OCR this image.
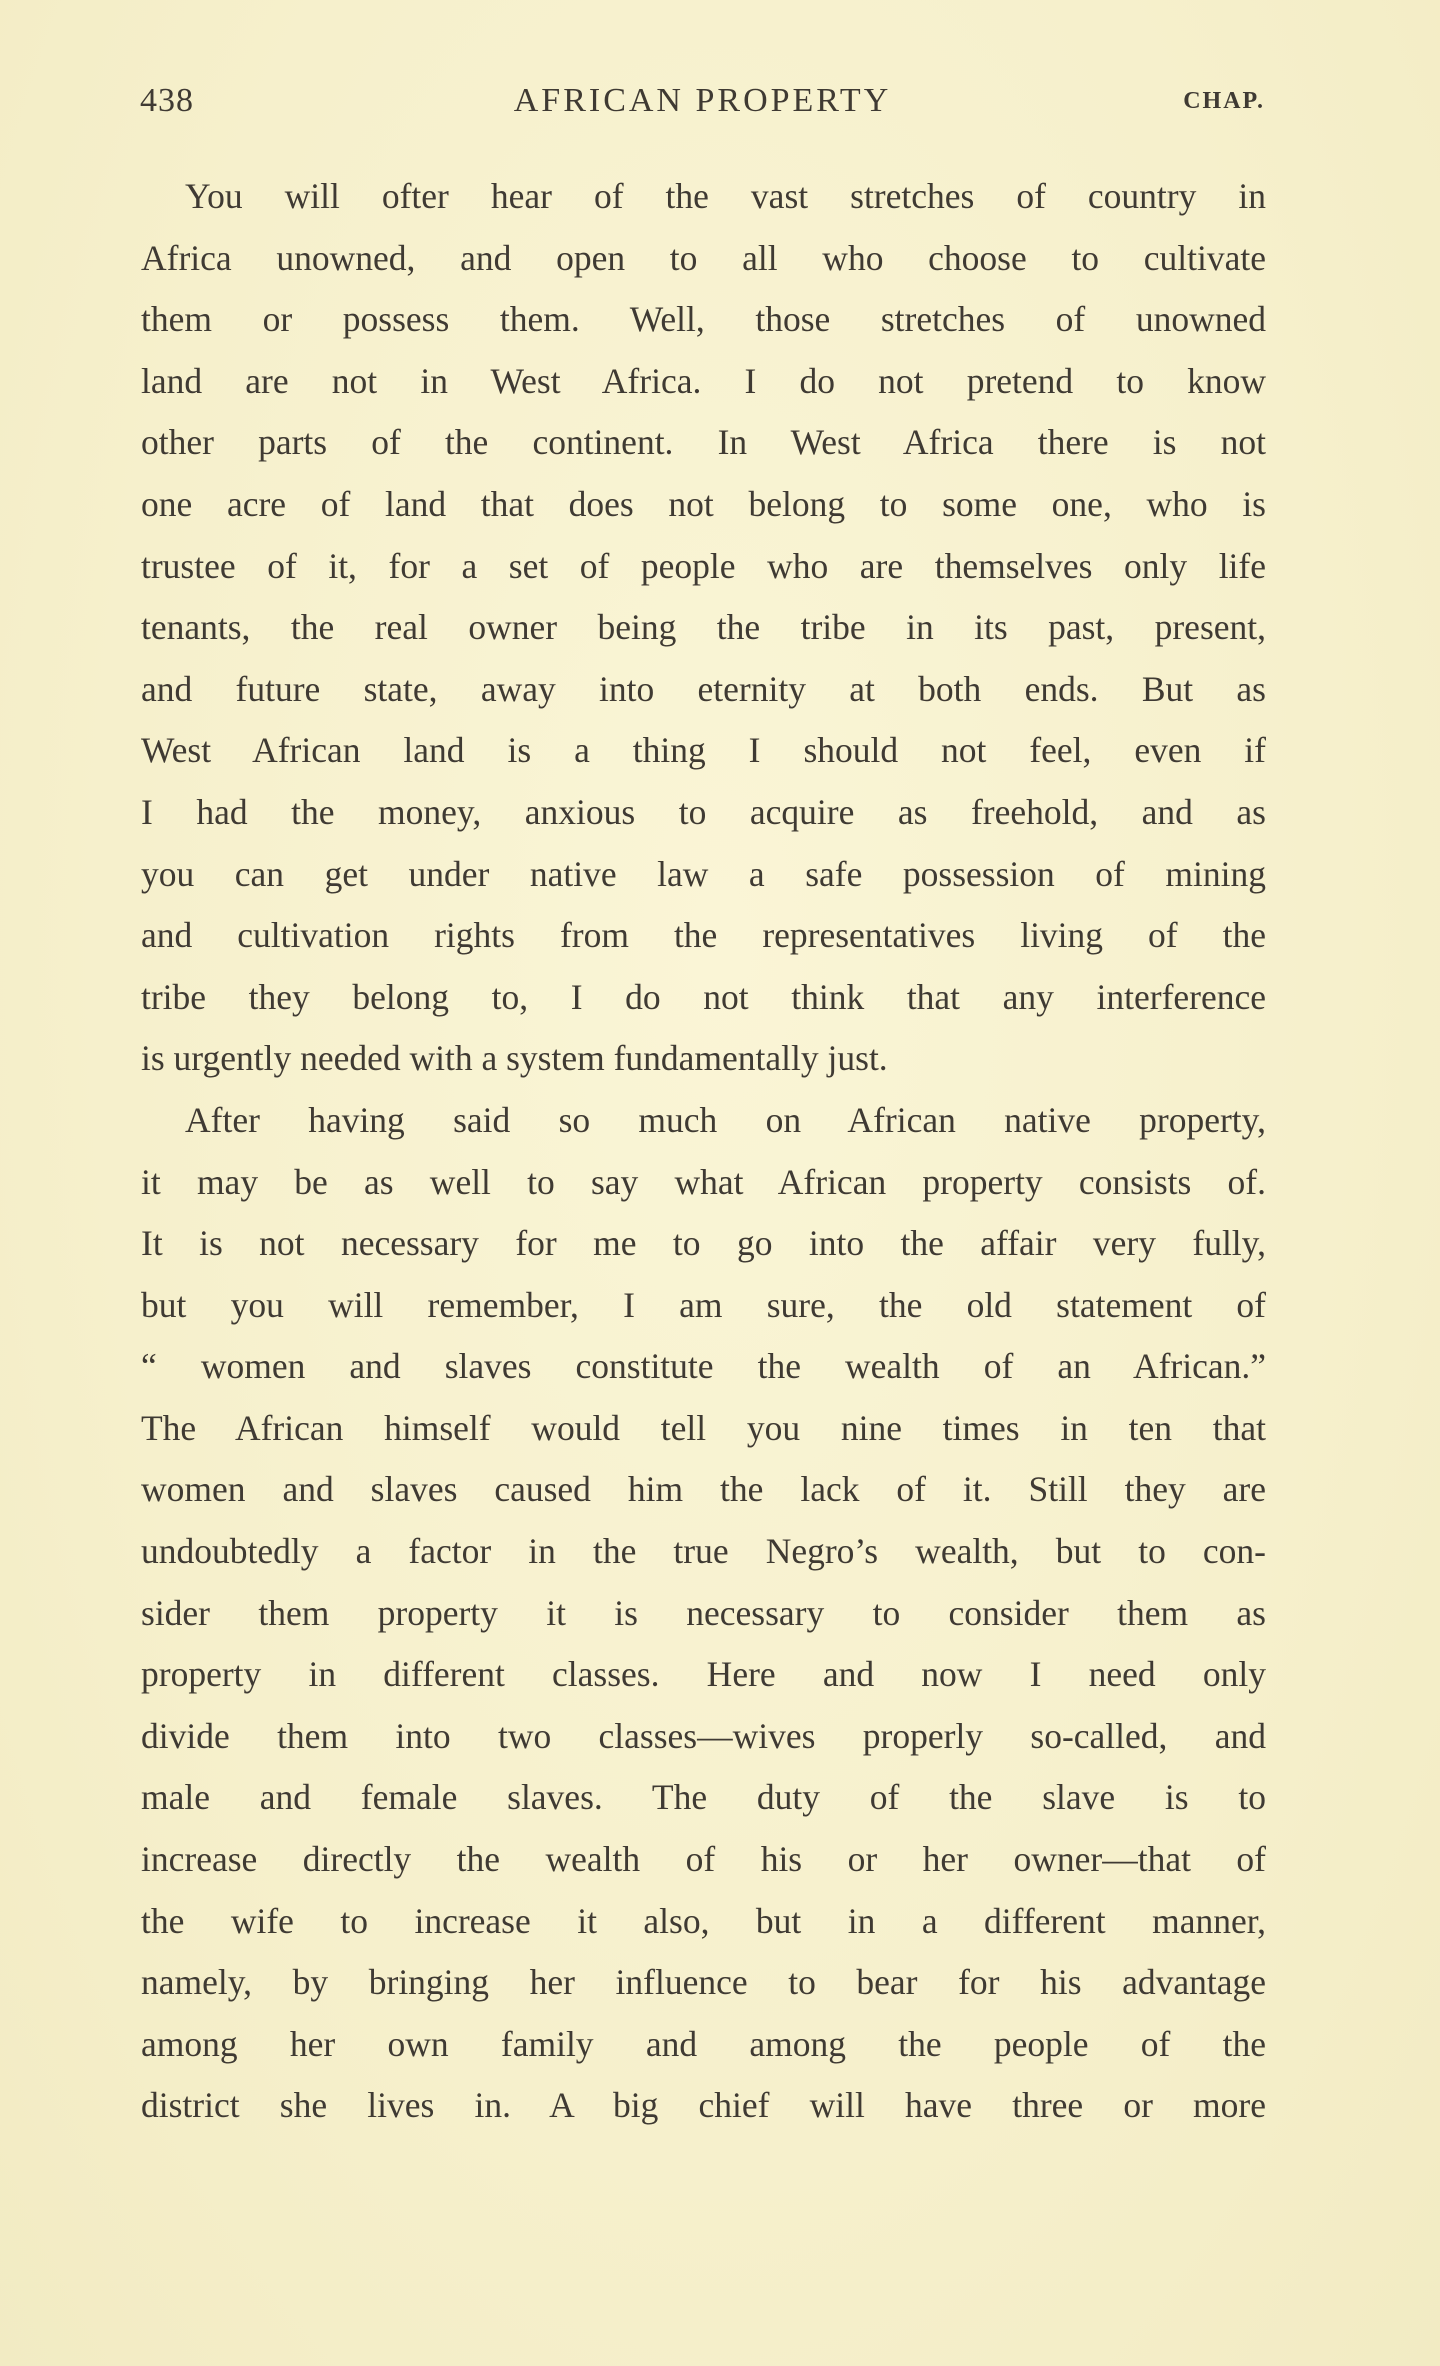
438	AFRICAN PROPERTY	CHAP.
You will ofter hear of the vast stretches of country in
Africa unowned, and open to all who choose to cultivate
them or possess them. Well, those stretches of unowned
land are not in West Africa. I do not pretend to know
other parts of the continent. In West Africa there is not
one acre of land that does not belong to some one, who is
trustee of it, for a set of people who are themselves only life
tenants, the real owner being the tribe in its past, present,
and future state, away into eternity at both ends. But as
West African land is a thing I should not feel, even if
I had the money, anxious to acquire as freehold, and as
you can get under native law a safe possession of mining
and cultivation rights from the representatives living of the
tribe they belong to, I do not think that any interference
is urgently needed with a system fundamentally just.
After having said so much on African native property,
it may be as well to say what African property consists of.
It is not necessary for me to go into the affair very fully,
but you will remember, I am sure, the old statement of
“ women and slaves constitute the wealth of an African.”
The African himself would tell you nine times in ten that
women and slaves caused him the lack of it. Still they are
undoubtedly a factor in the true Negro’s wealth, but to con-
sider them property it is necessary to consider them as
property in different classes. Here and now I need only
divide them into two classes—wives properly so-called, and
male and female slaves. The duty of the slave is to
increase directly the wealth of his or her owner—that of
the wife to increase it also, but in a different manner,
namely, by bringing her influence to bear for his advantage
among her own family and among the people of the
district she lives in. A big chief will have three or more
